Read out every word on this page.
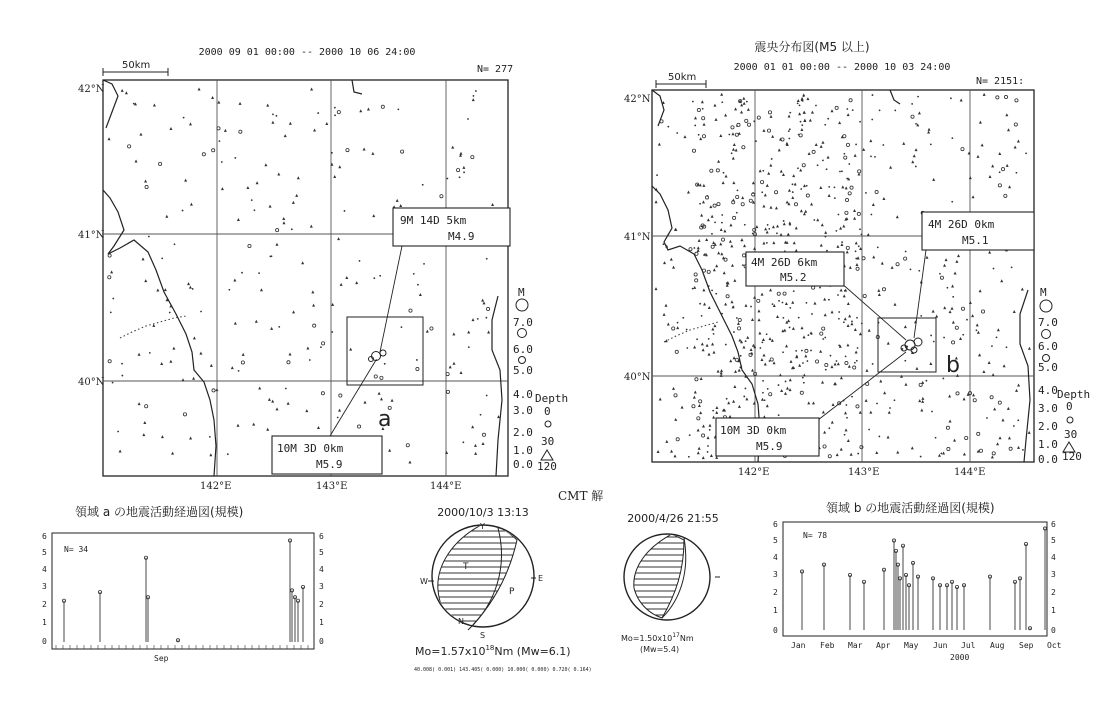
2000 09 01 00:00 -- 2000 10 06 24:00
N= 277
50km
a
9M 14D 5km
M4.9
10M 3D 0km
M5.9
42°N
41°N
40°N
142°E	143°E	144°E
M
7.0
6.0
5.0
4.0
3.0
2.0
1.0
0.0
Depth
0
30
120
震央分布図(M5 以上)
2000 01 01 00:00 -- 2000 10 03 24:00
N= 2151:
50km
b
4M 26D 0km
M5.1
4M 26D 6km
M5.2
10M 3D 0km
M5.9
42°N
41°N
40°N
142°E	143°E	144°E
M
7.0
6.0
5.0
4.0
3.0
2.0
1.0
0.0
Depth
0
30
120
領域 a の地震活動経過図(規模)
N= 34
0
1
2
3
4
5
6
0
1
2
3
4
5
6
Sep
CMT 解
2000/10/3 13:13
Y
W	E
T
P
N
S
$Mo=1.57x10^{18}Nm$ (Mw=6.1)
40.008( 0.001) 143.405( 0.000) 10.000( 0.000) 0.720( 0.164)
2000/4/26 21:55
$Mo=1.50x10^{17}Nm$
(Mw=5.4)
領域 b の地震活動経過図(規模)
N= 78
0
1
2
3
4
5
6
0
1
2
3
4
5
6
Jan Feb Mar Apr May Jun Jul Aug Sep Oct
2000
